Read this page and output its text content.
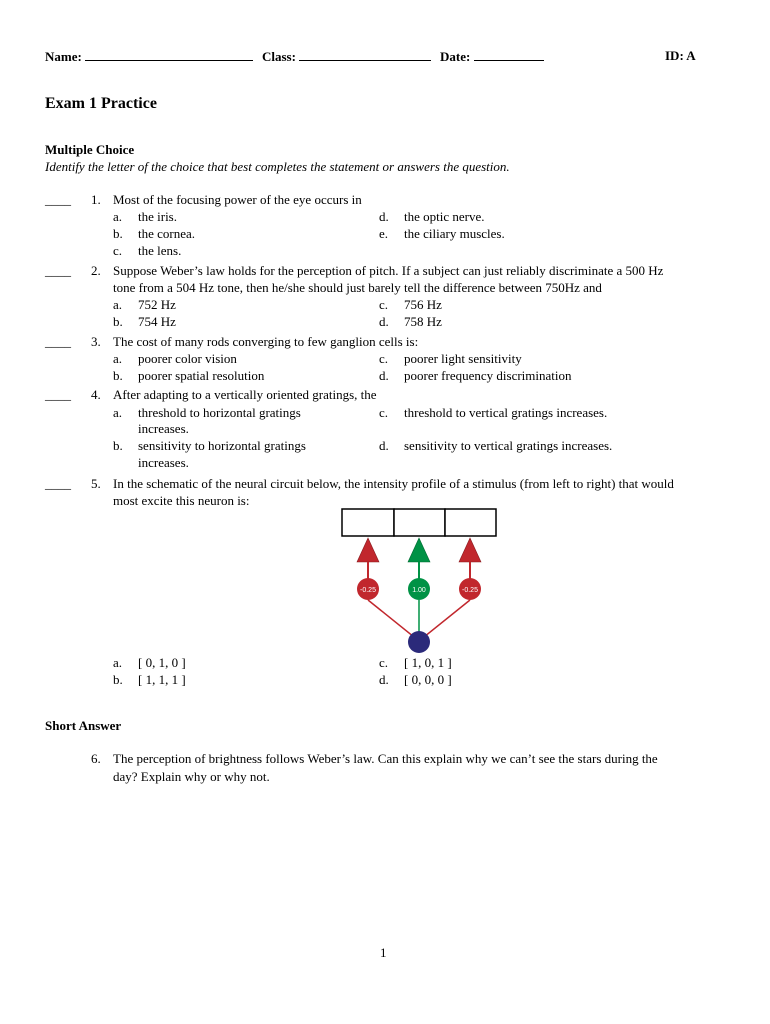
Name:	Class:	Date:	ID: A
Exam 1 Practice
Multiple Choice
Identify the letter of the choice that best completes the statement or answers the question.
____ 1. Most of the focusing power of the eye occurs in
a. the iris.
b. the cornea.
c. the lens.
d. the optic nerve.
e. the ciliary muscles.
____ 2. Suppose Weber’s law holds for the perception of pitch. If a subject can just reliably discriminate a 500 Hz
tone from a 504 Hz tone, then he/she should just barely tell the difference between 750Hz and
a. 752 Hz
b. 754 Hz
c. 756 Hz
d. 758 Hz
____ 3. The cost of many rods converging to few ganglion cells is:
a. poorer color vision
b. poorer spatial resolution
c. poorer light sensitivity
d. poorer frequency discrimination
____ 4. After adapting to a vertically oriented gratings, the
a. threshold to horizontal gratings
increases.
b. sensitivity to horizontal gratings
increases.
c. threshold to vertical gratings increases.
d. sensitivity to vertical gratings increases.
____ 5. In the schematic of the neural circuit below, the intensity profile of a stimulus (from left to right) that would
most excite this neuron is:
-0.25	1.00	-0.25
a. [ 0, 1, 0 ]
b. [ 1, 1, 1 ]
c. [ 1, 0, 1 ]
d. [ 0, 0, 0 ]
Short Answer
6. The perception of brightness follows Weber’s law. Can this explain why we can’t see the stars during the
day? Explain why or why not.
1
